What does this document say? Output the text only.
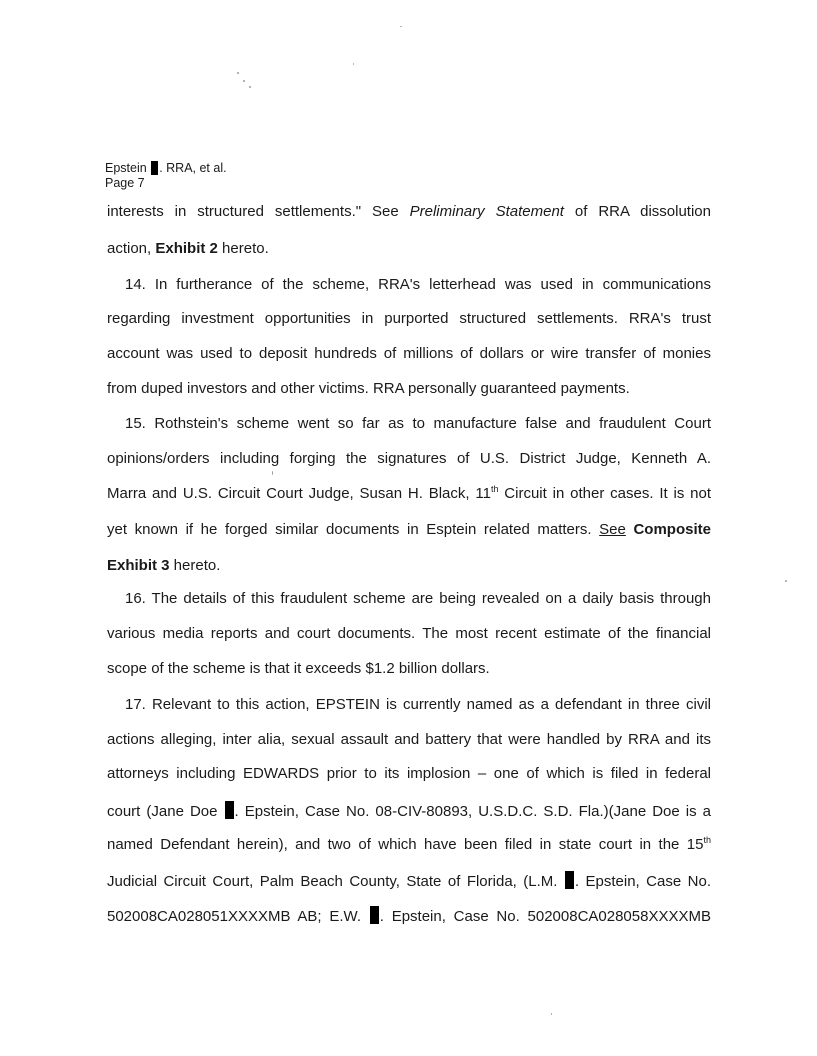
Epstein . RRA, et al.
Page 7
interests in structured settlements." See Preliminary Statement of RRA dissolution
action, Exhibit 2 hereto.
14. In furtherance of the scheme, RRA's letterhead was used in communications
regarding investment opportunities in purported structured settlements. RRA's trust
account was used to deposit hundreds of millions of dollars or wire transfer of monies
from duped investors and other victims. RRA personally guaranteed payments.
15. Rothstein's scheme went so far as to manufacture false and fraudulent Court
opinions/orders including forging the signatures of U.S. District Judge, Kenneth A.
Marra and U.S. Circuit Court Judge, Susan H. Black, 11th Circuit in other cases. It is not
yet known if he forged similar documents in Esptein related matters. See Composite
Exhibit 3 hereto.
16. The details of this fraudulent scheme are being revealed on a daily basis through
various media reports and court documents. The most recent estimate of the financial
scope of the scheme is that it exceeds $1.2 billion dollars.
17. Relevant to this action, EPSTEIN is currently named as a defendant in three civil
actions alleging, inter alia, sexual assault and battery that were handled by RRA and its
attorneys including EDWARDS prior to its implosion – one of which is filed in federal
court (Jane Doe . Epstein, Case No. 08-CIV-80893, U.S.D.C. S.D. Fla.)(Jane Doe is a
named Defendant herein), and two of which have been filed in state court in the 15th
Judicial Circuit Court, Palm Beach County, State of Florida, (L.M. . Epstein, Case No.
502008CA028051XXXXMB AB; E.W. . Epstein, Case No. 502008CA028058XXXXMB
